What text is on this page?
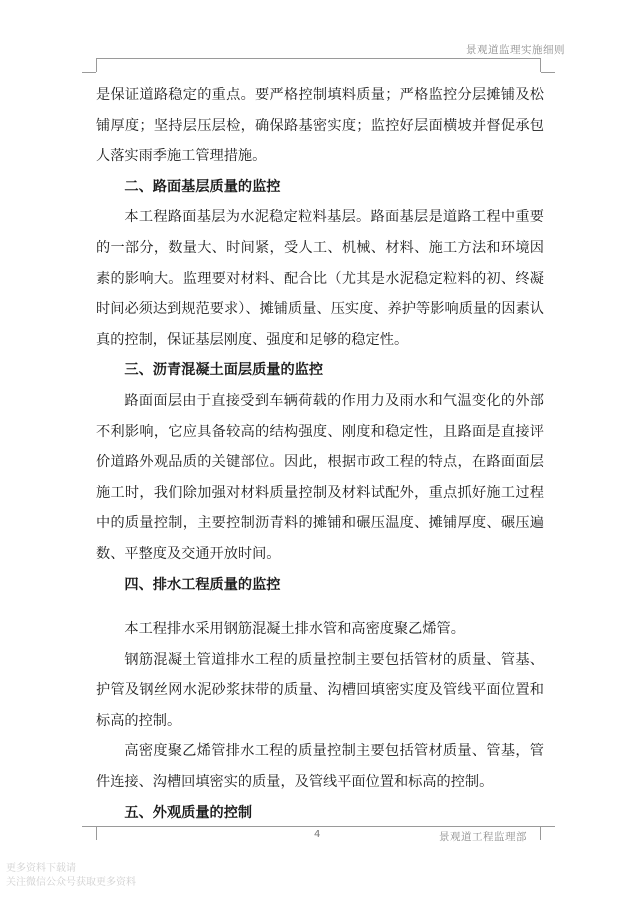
景观道监理实施细则

是保证道路稳定的重点。要严格控制填料质量；严格监控分层摊铺及松铺厚度；坚持层压层检，确保路基密实度；监控好层面横坡并督促承包人落实雨季施工管理措施。

二、路面基层质量的监控

本工程路面基层为水泥稳定粒料基层。路面基层是道路工程中重要的一部分，数量大、时间紧，受人工、机械、材料、施工方法和环境因素的影响大。监理要对材料、配合比（尤其是水泥稳定粒料的初、终凝时间必须达到规范要求）、摊铺质量、压实度、养护等影响质量的因素认真的控制，保证基层刚度、强度和足够的稳定性。

三、沥青混凝土面层质量的监控

路面面层由于直接受到车辆荷载的作用力及雨水和气温变化的外部不利影响，它应具备较高的结构强度、刚度和稳定性，且路面是直接评价道路外观品质的关键部位。因此，根据市政工程的特点，在路面面层施工时，我们除加强对材料质量控制及材料试配外，重点抓好施工过程中的质量控制，主要控制沥青料的摊铺和碾压温度、摊铺厚度、碾压遍数、平整度及交通开放时间。

四、排水工程质量的监控

本工程排水采用钢筋混凝土排水管和高密度聚乙烯管。

钢筋混凝土管道排水工程的质量控制主要包括管材的质量、管基、护管及钢丝网水泥砂浆抹带的质量、沟槽回填密实度及管线平面位置和标高的控制。

高密度聚乙烯管排水工程的质量控制主要包括管材质量、管基，管件连接、沟槽回填密实的质量，及管线平面位置和标高的控制。

五、外观质量的控制
4	景观道工程监理部
更多资料下载请
关注微信公众号获取更多资料
